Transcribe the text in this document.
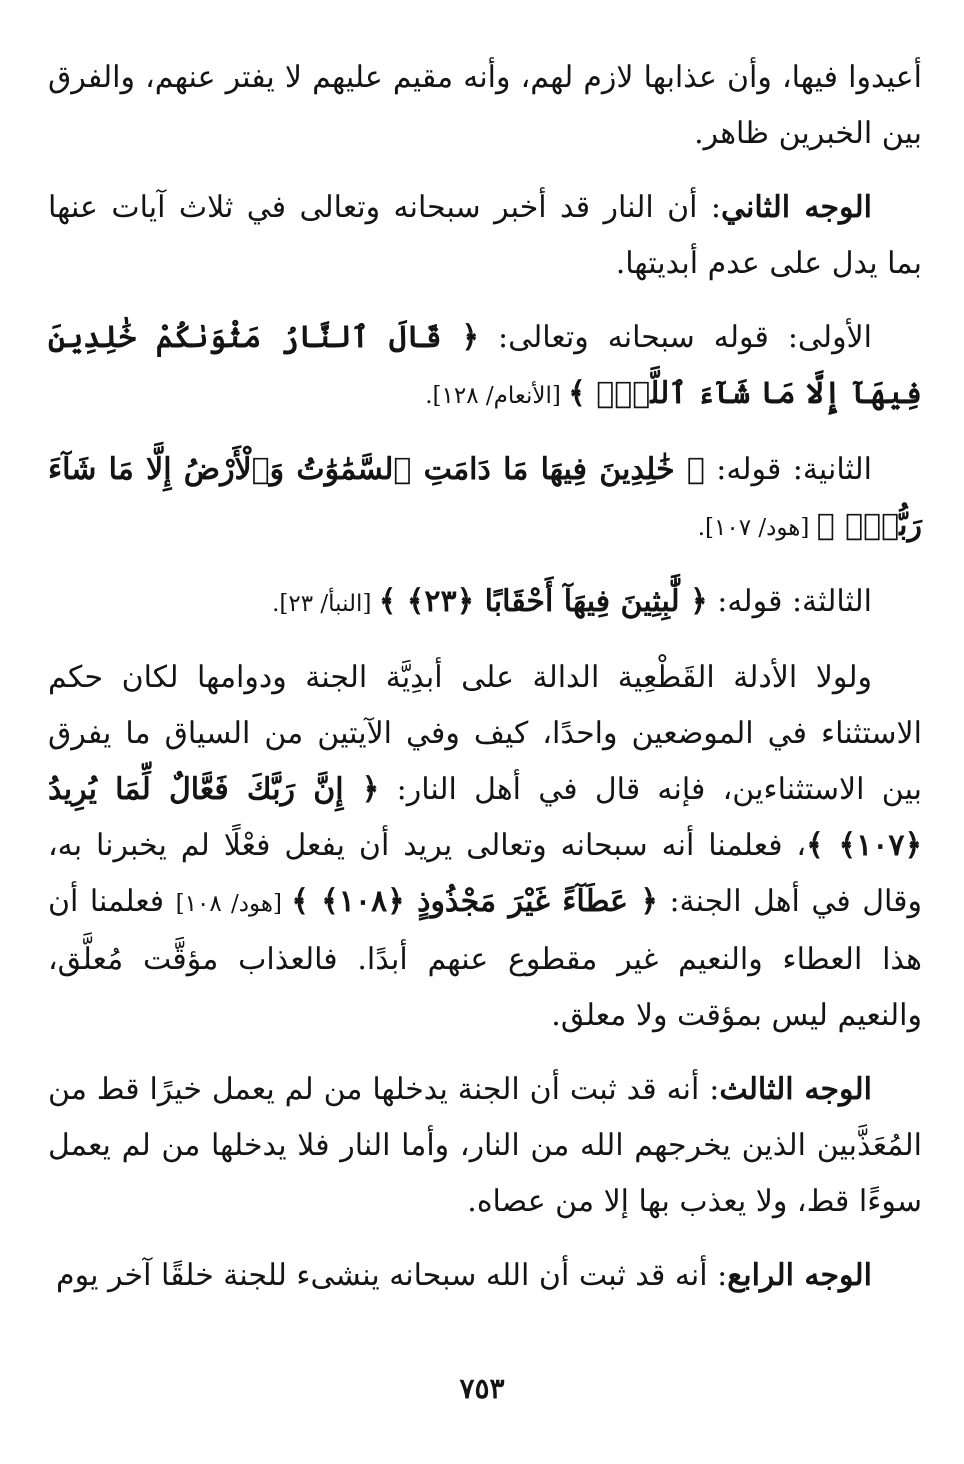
أعيدوا فيها، وأن عذابها لازم لهم، وأنه مقيم عليهم لا يفتر عنهم، والفرق بين الخبرين ظاهر.

الوجه الثاني: أن النار قد أخبر سبحانه وتعالى في ثلاث آيات عنها بما يدل على عدم أبديتها.

الأولى: قوله سبحانه وتعالى: ﴿ قَالَ ٱلنَّارُ مَثْوَىٰكُمْ خَٰلِدِينَ فِيهَآ إِلَّا مَا شَآءَ ٱللَّهُۗ ﴾ [الأنعام/ ١٢٨].

الثانية: قوله: ﴿ خَٰلِدِينَ فِيهَا مَا دَامَتِ ٱلسَّمَٰوَٰتُ وَٱلْأَرْضُ إِلَّا مَا شَآءَ رَبُّكَۚ ﴾ [هود/ ١٠٧].

الثالثة: قوله: ﴿ لَّٰبِثِينَ فِيهَآ أَحْقَابًا ﴿٢٣﴾ ﴾ [النبأ/ ٢٣].

ولولا الأدلة القَطْعِية الدالة على أبدِيَّة الجنة ودوامها لكان حكم الاستثناء في الموضعين واحدًا، كيف وفي الآيتين من السياق ما يفرق بين الاستثناءين، فإنه قال في أهل النار: ﴿ إِنَّ رَبَّكَ فَعَّالٌ لِّمَا يُرِيدُ ﴿١٠٧﴾ ﴾، فعلمنا أنه سبحانه وتعالى يريد أن يفعل فعْلًا لم يخبرنا به، وقال في أهل الجنة: ﴿ عَطَآءً غَيْرَ مَجْذُوذٍ ﴿١٠٨﴾ ﴾ [هود/ ١٠٨] فعلمنا أن هذا العطاء والنعيم غير مقطوع عنهم أبدًا. فالعذاب مؤقَّت مُعلَّق، والنعيم ليس بمؤقت ولا معلق.

الوجه الثالث: أنه قد ثبت أن الجنة يدخلها من لم يعمل خيرًا قط من المُعَذَّبين الذين يخرجهم الله من النار، وأما النار فلا يدخلها من لم يعمل سوءًا قط، ولا يعذب بها إلا من عصاه.

الوجه الرابع: أنه قد ثبت أن الله سبحانه ينشىء للجنة خلقًا آخر يوم

٧٥٣
